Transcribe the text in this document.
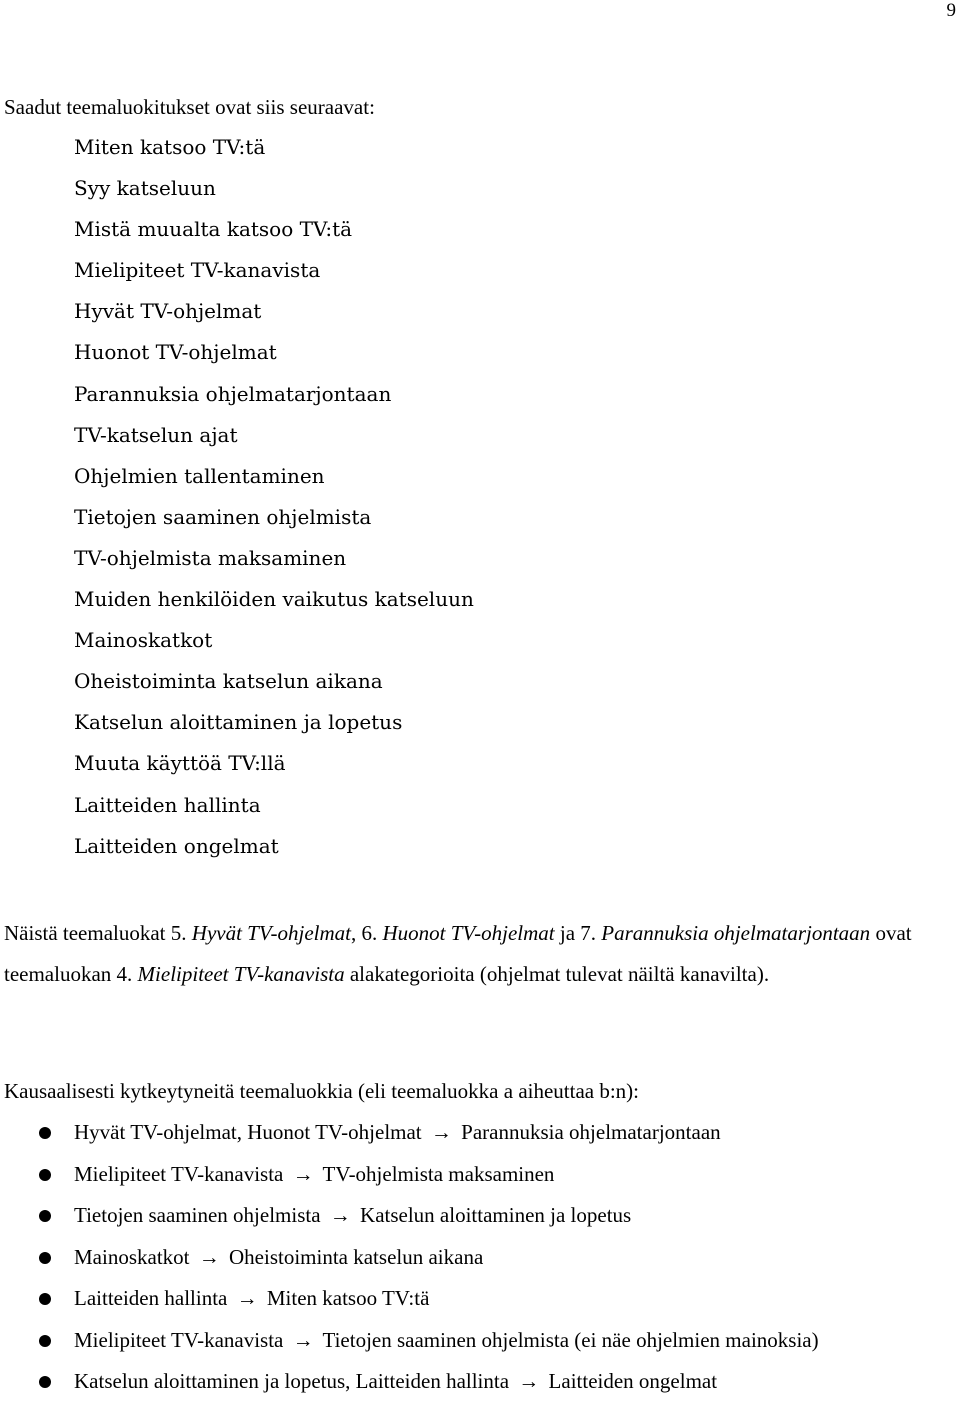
9

Saadut teemaluokitukset ovat siis seuraavat:

Miten katsoo TV:tä
Syy katseluun
Mistä muualta katsoo TV:tä
Mielipiteet TV-kanavista
Hyvät TV-ohjelmat
Huonot TV-ohjelmat
Parannuksia ohjelmatarjontaan
TV-katselun ajat
Ohjelmien tallentaminen
Tietojen saaminen ohjelmista
TV-ohjelmista maksaminen
Muiden henkilöiden vaikutus katseluun
Mainoskatkot
Oheistoiminta katselun aikana
Katselun aloittaminen ja lopetus
Muuta käyttöä TV:llä
Laitteiden hallinta
Laitteiden ongelmat

Näistä teemaluokat 5. Hyvät TV-ohjelmat, 6. Huonot TV-ohjelmat ja 7. Parannuksia ohjelmatarjontaan ovat teemaluokan 4. Mielipiteet TV-kanavista alakategorioita (ohjelmat tulevat näiltä kanavilta).

Kausaalisesti kytkeytyneitä teemaluokkia (eli teemaluokka a aiheuttaa b:n):

Hyvät TV-ohjelmat, Huonot TV-ohjelmat → Parannuksia ohjelmatarjontaan
Mielipiteet TV-kanavista → TV-ohjelmista maksaminen
Tietojen saaminen ohjelmista → Katselun aloittaminen ja lopetus
Mainoskatkot → Oheistoiminta katselun aikana
Laitteiden hallinta → Miten katsoo TV:tä
Mielipiteet TV-kanavista → Tietojen saaminen ohjelmista (ei näe ohjelmien mainoksia)
Katselun aloittaminen ja lopetus, Laitteiden hallinta → Laitteiden ongelmat
